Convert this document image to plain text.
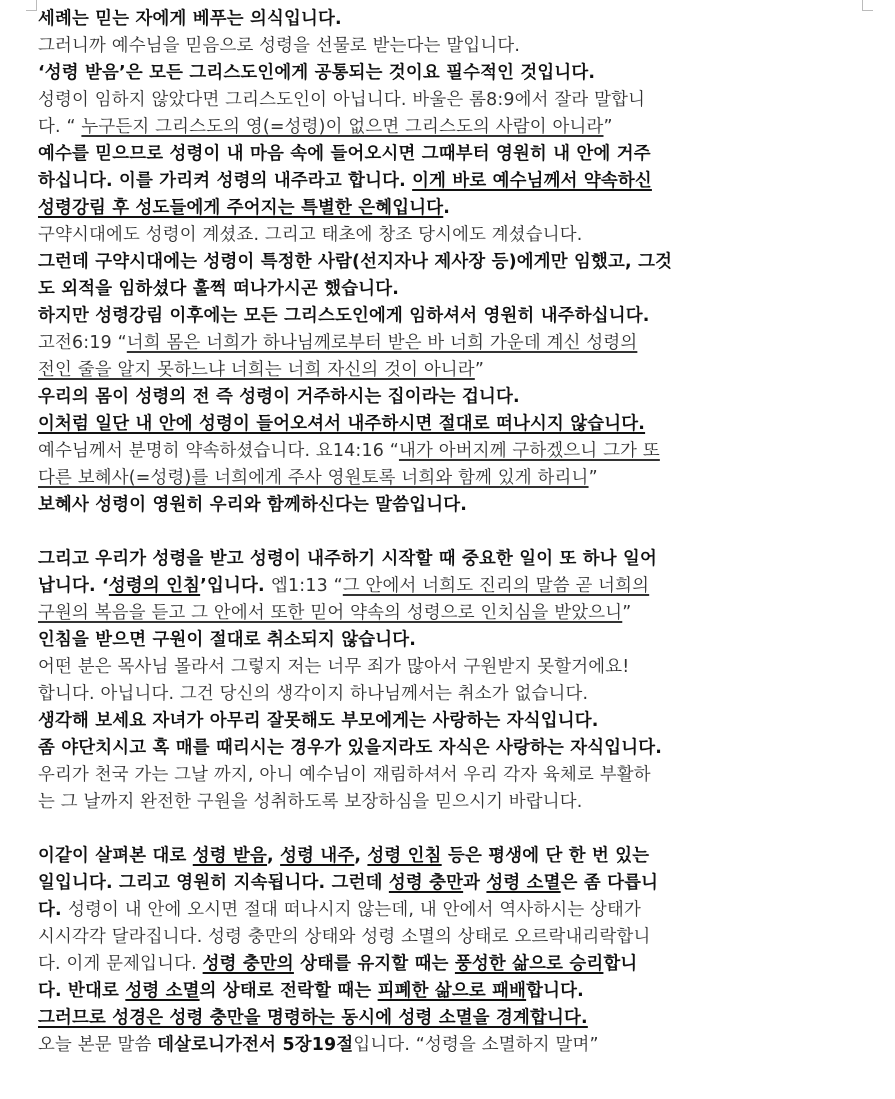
세례는 믿는 자에게 베푸는 의식입니다.
그러니까 예수님을 믿음으로 성령을 선물로 받는다는 말입니다.
‘성령 받음’은 모든 그리스도인에게 공통되는 것이요 필수적인 것입니다.
성령이 임하지 않았다면 그리스도인이 아닙니다. 바울은 롬8:9에서 잘라 말합니
다. “ 누구든지 그리스도의 영(=성령)이 없으면 그리스도의 사람이 아니라”
예수를 믿으므로 성령이 내 마음 속에 들어오시면 그때부터 영원히 내 안에 거주
하십니다. 이를 가리켜 성령의 내주라고 합니다. 이게 바로 예수님께서 약속하신
성령강림 후 성도들에게 주어지는 특별한 은혜입니다.
구약시대에도 성령이 계셨죠. 그리고 태초에 창조 당시에도 계셨습니다.
그런데 구약시대에는 성령이 특정한 사람(선지자나 제사장 등)에게만 임했고, 그것
도 외적을 임하셨다 훌쩍 떠나가시곤 했습니다.
하지만 성령강림 이후에는 모든 그리스도인에게 임하셔서 영원히 내주하십니다.
고전6:19 “너희 몸은 너희가 하나님께로부터 받은 바 너희 가운데 계신 성령의
전인 줄을 알지 못하느냐 너희는 너희 자신의 것이 아니라”
우리의 몸이 성령의 전 즉 성령이 거주하시는 집이라는 겁니다.
이처럼 일단 내 안에 성령이 들어오셔서 내주하시면 절대로 떠나시지 않습니다.
예수님께서 분명히 약속하셨습니다. 요14:16 “내가 아버지께 구하겠으니 그가 또
다른 보혜사(=성령)를 너희에게 주사 영원토록 너희와 함께 있게 하리니”
보혜사 성령이 영원히 우리와 함께하신다는 말씀입니다.
그리고 우리가 성령을 받고 성령이 내주하기 시작할 때 중요한 일이 또 하나 일어
납니다. ‘성령의 인침’입니다. 엡1:13 “그 안에서 너희도 진리의 말씀 곧 너희의
구원의 복음을 듣고 그 안에서 또한 믿어 약속의 성령으로 인치심을 받았으니”
인침을 받으면 구원이 절대로 취소되지 않습니다.
어떤 분은 목사님 몰라서 그렇지 저는 너무 죄가 많아서 구원받지 못할거에요!
합니다. 아닙니다. 그건 당신의 생각이지 하나님께서는 취소가 없습니다.
생각해 보세요 자녀가 아무리 잘못해도 부모에게는 사랑하는 자식입니다.
좀 야단치시고 혹 매를 때리시는 경우가 있을지라도 자식은 사랑하는 자식입니다.
우리가 천국 가는 그날 까지, 아니 예수님이 재림하셔서 우리 각자 육체로 부활하
는 그 날까지 완전한 구원을 성취하도록 보장하심을 믿으시기 바랍니다.
이같이 살펴본 대로 성령 받음, 성령 내주, 성령 인침 등은 평생에 단 한 번 있는
일입니다. 그리고 영원히 지속됩니다. 그런데 성령 충만과 성령 소멸은 좀 다릅니
다. 성령이 내 안에 오시면 절대 떠나시지 않는데, 내 안에서 역사하시는 상태가
시시각각 달라집니다. 성령 충만의 상태와 성령 소멸의 상태로 오르락내리락합니
다. 이게 문제입니다. 성령 충만의 상태를 유지할 때는 풍성한 삶으로 승리합니
다. 반대로 성령 소멸의 상태로 전락할 때는 피폐한 삶으로 패배합니다.
그러므로 성경은 성령 충만을 명령하는 동시에 성령 소멸을 경계합니다.
오늘 본문 말씀 데살로니가전서 5장19절입니다. “성령을 소멸하지 말며”
